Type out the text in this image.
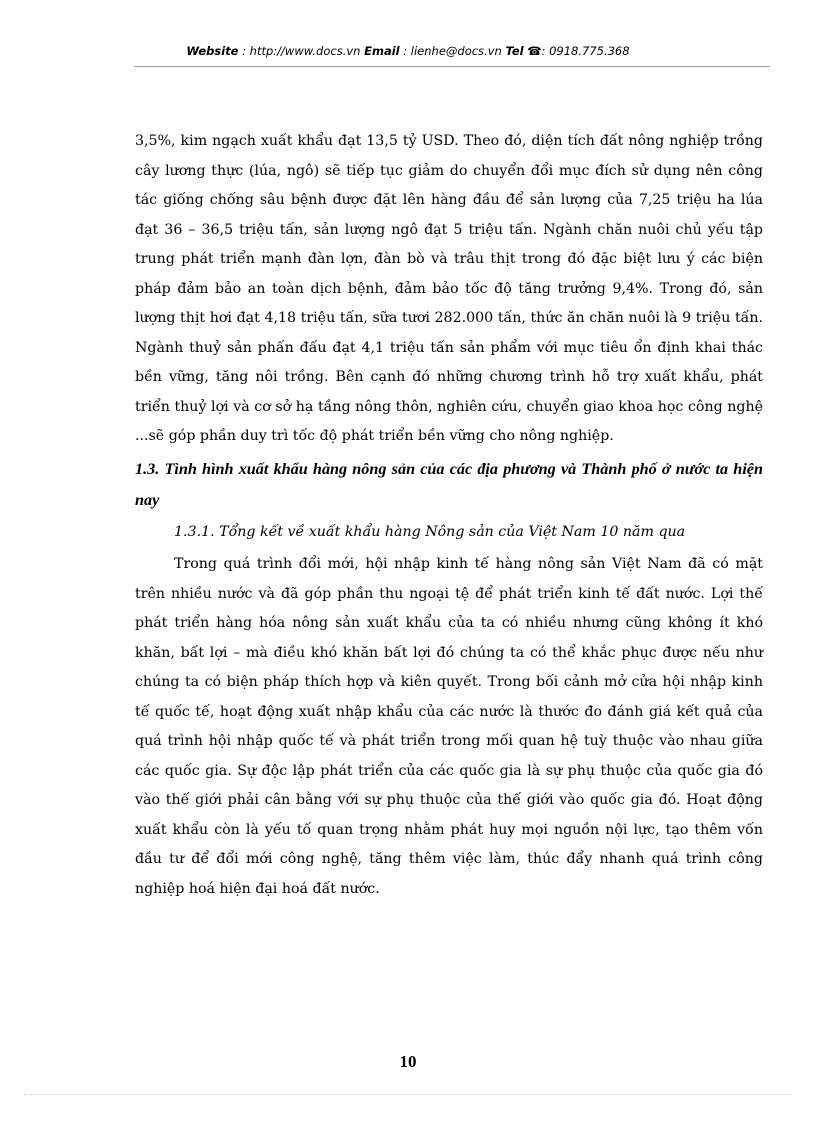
Website : http://www.docs.vn Email : lienhe@docs.vn Tel ☎: 0918.775.368

3,5%, kim ngạch xuất khẩu đạt 13,5 tỷ USD. Theo đó, diện tích đất nông nghiệp trồng cây lương thực (lúa, ngô) sẽ tiếp tục giảm do chuyển đổi mục đích sử dụng nên công tác giống chống sâu bệnh được đặt lên hàng đầu để sản lượng của 7,25 triệu ha lúa đạt 36 – 36,5 triệu tấn, sản lượng ngô đạt 5 triệu tấn. Ngành chăn nuôi chủ yếu tập trung phát triển mạnh đàn lợn, đàn bò và trâu thịt trong đó đặc biệt lưu ý các biện pháp đảm bảo an toàn dịch bệnh, đảm bảo tốc độ tăng trưởng 9,4%. Trong đó, sản lượng thịt hơi đạt 4,18 triệu tấn, sữa tươi 282.000 tấn, thức ăn chăn nuôi là 9 triệu tấn. Ngành thuỷ sản phấn đấu đạt 4,1 triệu tấn sản phẩm với mục tiêu ổn định khai thác bền vững, tăng nôi trồng. Bên cạnh đó những chương trình hỗ trợ xuất khẩu, phát triển thuỷ lợi và cơ sở hạ tầng nông thôn, nghiên cứu, chuyển giao khoa học công nghệ ...sẽ góp phần duy trì tốc độ phát triển bền vững cho nông nghiệp.

1.3. Tình hình xuất khẩu hàng nông sản của các địa phương và Thành phố ở nước ta hiện nay

1.3.1. Tổng kết về xuất khẩu hàng Nông sản của Việt Nam 10 năm qua

Trong quá trình đổi mới, hội nhập kinh tế hàng nông sản Việt Nam đã có mặt trên nhiều nước và đã góp phần thu ngoại tệ để phát triển kinh tế đất nước. Lợi thế phát triển hàng hóa nông sản xuất khẩu của ta có nhiều nhưng cũng không ít khó khăn, bất lợi – mà điều khó khăn bất lợi đó chúng ta có thể khắc phục được nếu như chúng ta có biện pháp thích hợp và kiên quyết. Trong bối cảnh mở cửa hội nhập kinh tế quốc tế, hoạt động xuất nhập khẩu của các nước là thước đo đánh giá kết quả của quá trình hội nhập quốc tế và phát triển trong mối quan hệ tuỳ thuộc vào nhau giữa các quốc gia. Sự độc lập phát triển của các quốc gia là sự phụ thuộc của quốc gia đó vào thế giới phải cân bằng với sự phụ thuộc của thế giới vào quốc gia đó. Hoạt động xuất khẩu còn là yếu tố quan trọng nhằm phát huy mọi nguồn nội lực, tạo thêm vốn đầu tư để đổi mới công nghệ, tăng thêm việc làm, thúc đẩy nhanh quá trình công nghiệp hoá hiện đại hoá đất nước.

10
